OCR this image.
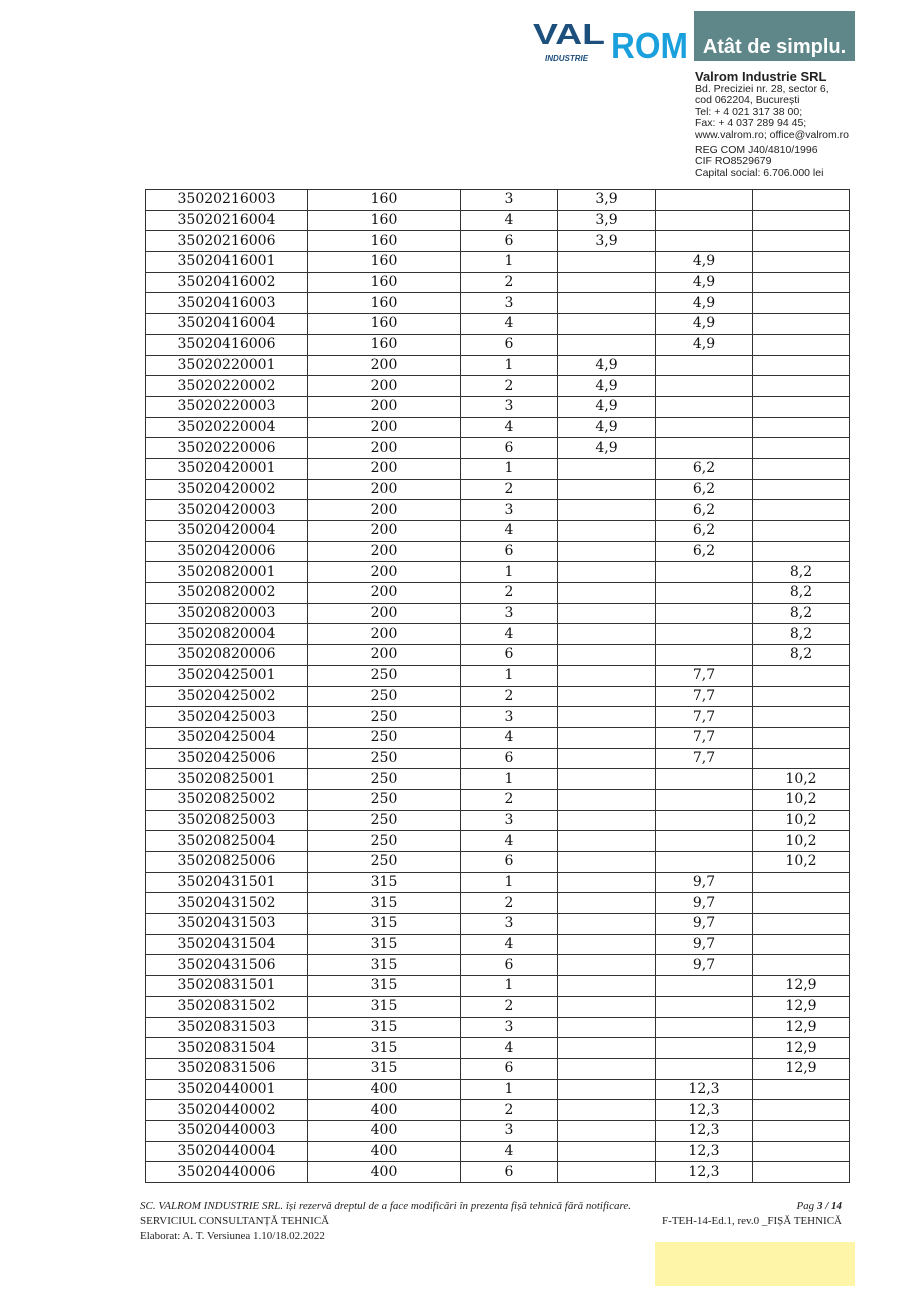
VAL ROM
INDUSTRIE
Atât de simplu.
Valrom Industrie SRL
Bd. Preciziei nr. 28, sector 6,
cod 062204, București
Tel: + 4 021 317 38 00;
Fax: + 4 037 289 94 45;
www.valrom.ro; office@valrom.ro
REG COM J40/4810/1996
CIF RO8529679
Capital social: 6.706.000 lei
35020216003	160	3	3,9		
35020216004	160	4	3,9		
35020216006	160	6	3,9		
35020416001	160	1		4,9	
35020416002	160	2		4,9	
35020416003	160	3		4,9	
35020416004	160	4		4,9	
35020416006	160	6		4,9	
35020220001	200	1	4,9		
35020220002	200	2	4,9		
35020220003	200	3	4,9		
35020220004	200	4	4,9		
35020220006	200	6	4,9		
35020420001	200	1		6,2	
35020420002	200	2		6,2	
35020420003	200	3		6,2	
35020420004	200	4		6,2	
35020420006	200	6		6,2	
35020820001	200	1			8,2
35020820002	200	2			8,2
35020820003	200	3			8,2
35020820004	200	4			8,2
35020820006	200	6			8,2
35020425001	250	1		7,7	
35020425002	250	2		7,7	
35020425003	250	3		7,7	
35020425004	250	4		7,7	
35020425006	250	6		7,7	
35020825001	250	1			10,2
35020825002	250	2			10,2
35020825003	250	3			10,2
35020825004	250	4			10,2
35020825006	250	6			10,2
35020431501	315	1		9,7	
35020431502	315	2		9,7	
35020431503	315	3		9,7	
35020431504	315	4		9,7	
35020431506	315	6		9,7	
35020831501	315	1			12,9
35020831502	315	2			12,9
35020831503	315	3			12,9
35020831504	315	4			12,9
35020831506	315	6			12,9
35020440001	400	1		12,3	
35020440002	400	2		12,3	
35020440003	400	3		12,3	
35020440004	400	4		12,3	
35020440006	400	6		12,3	
SC. VALROM INDUSTRIE SRL. își rezervă dreptul de a face modificări în prezenta fișă tehnică fără notificare.	Pag 3 / 14
SERVICIUL CONSULTANȚĂ TEHNICĂ	F-TEH-14-Ed.1, rev.0 _FIȘĂ TEHNICĂ
Elaborat: A. T. Versiunea 1.10/18.02.2022
